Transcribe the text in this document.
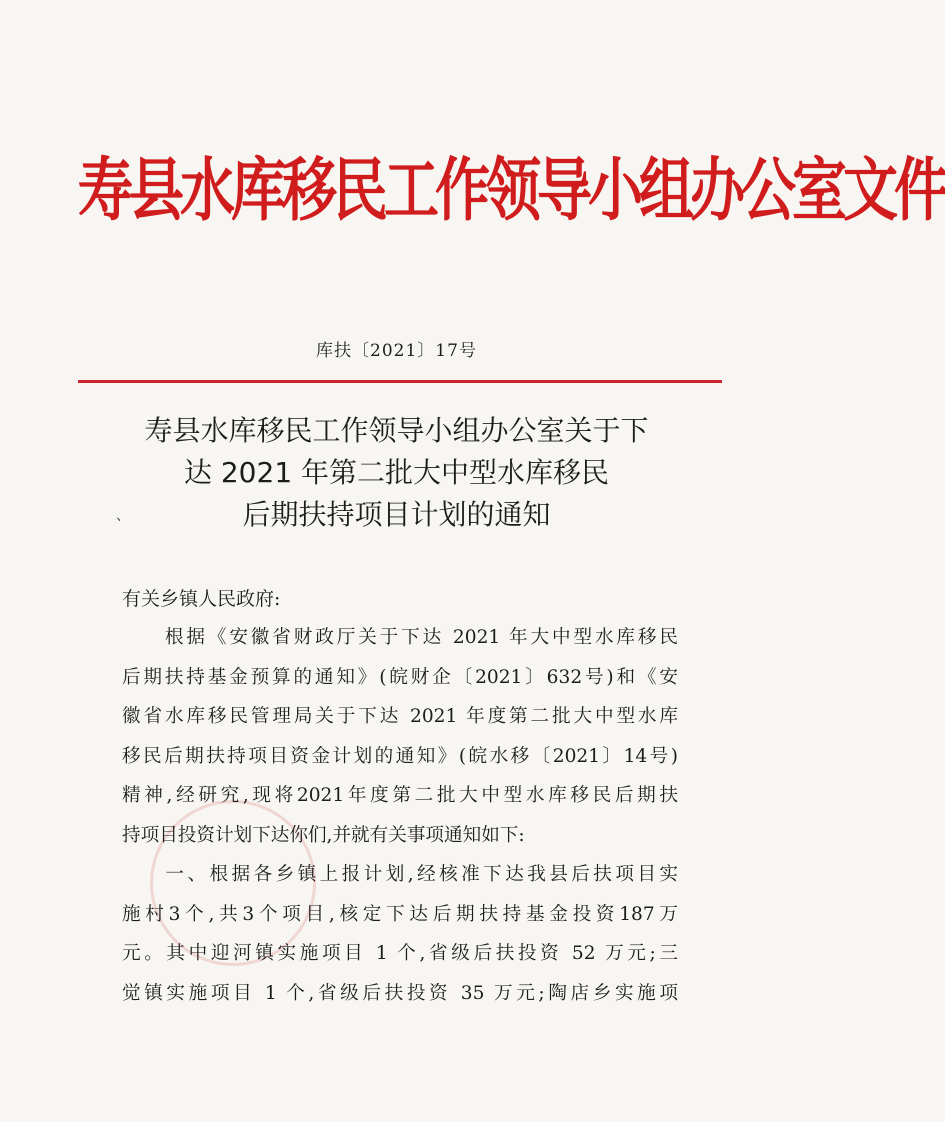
寿县水库移民工作领导小组办公室文件
库扶〔2021〕17号
寿县水库移民工作领导小组办公室关于下
达 2021 年第二批大中型水库移民
后期扶持项目计划的通知
、
有关乡镇人民政府:
根据《安徽省财政厅关于下达 2021 年大中型水库移民
后期扶持基金预算的通知》(皖财企〔2021〕632号)和《安
徽省水库移民管理局关于下达 2021 年度第二批大中型水库
移民后期扶持项目资金计划的通知》(皖水移〔2021〕14号)
精神,经研究,现将2021年度第二批大中型水库移民后期扶
持项目投资计划下达你们,并就有关事项通知如下:
一、根据各乡镇上报计划,经核准下达我县后扶项目实
施村3个,共3个项目,核定下达后期扶持基金投资187万
元。其中迎河镇实施项目 1 个,省级后扶投资 52 万元;三
觉镇实施项目 1 个,省级后扶投资 35 万元;陶店乡实施项
